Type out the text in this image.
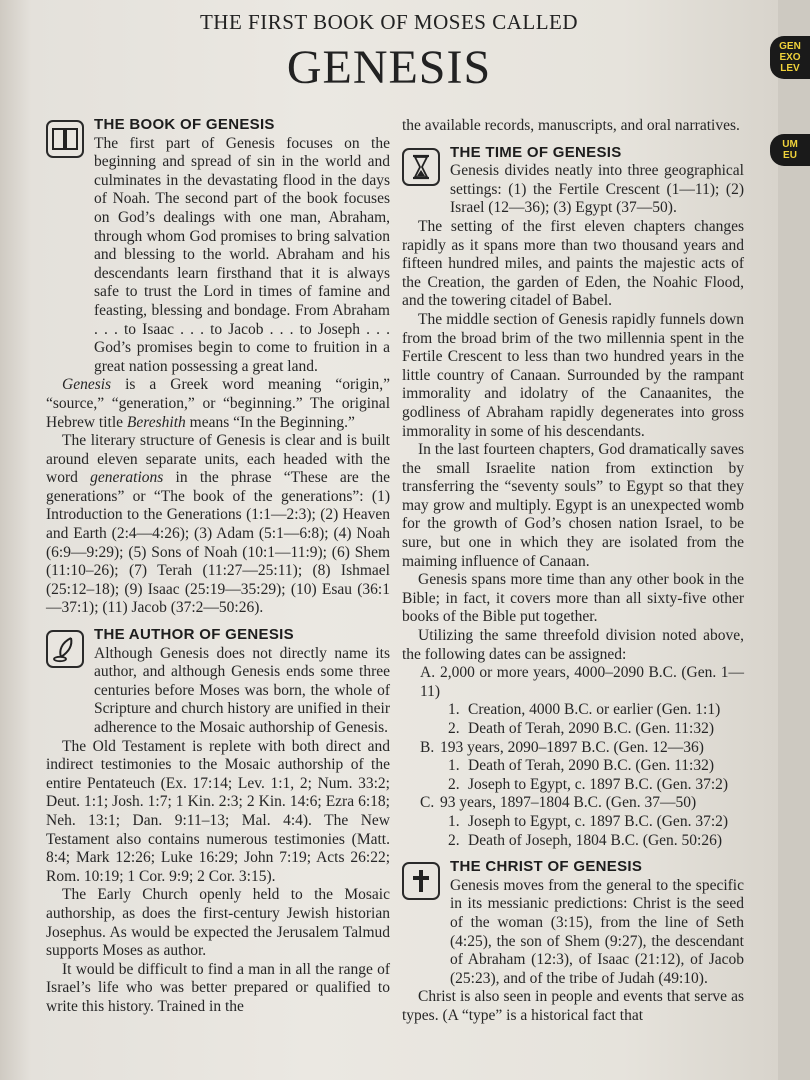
THE FIRST BOOK OF MOSES CALLED
GENESIS
THE BOOK OF GENESIS

The first part of Genesis focuses on the beginning and spread of sin in the world and culminates in the devastating flood in the days of Noah. The second part of the book focuses on God’s dealings with one man, Abraham, through whom God promises to bring salvation and blessing to the world. Abraham and his descendants learn firsthand that it is always safe to trust the Lord in times of famine and feasting, blessing and bondage. From Abraham . . . to Isaac . . . to Jacob . . . to Joseph . . . God’s promises begin to come to fruition in a great nation possessing a great land.

Genesis is a Greek word meaning “origin,” “source,” “generation,” or “beginning.” The original Hebrew title Bereshith means “In the Beginning.”

The literary structure of Genesis is clear and is built around eleven separate units, each headed with the word generations in the phrase “These are the generations” or “The book of the generations”: (1) Introduction to the Generations (1:1—2:3); (2) Heaven and Earth (2:4—4:26); (3) Adam (5:1—6:8); (4) Noah (6:9—9:29); (5) Sons of Noah (10:1—11:9); (6) Shem (11:10–26); (7) Terah (11:27—25:11); (8) Ishmael (25:12–18); (9) Isaac (25:19—35:29); (10) Esau (36:1—37:1); (11) Jacob (37:2—50:26).

THE AUTHOR OF GENESIS

Although Genesis does not directly name its author, and although Genesis ends some three centuries before Moses was born, the whole of Scripture and church history are unified in their adherence to the Mosaic authorship of Genesis.

The Old Testament is replete with both direct and indirect testimonies to the Mosaic authorship of the entire Pentateuch (Ex. 17:14; Lev. 1:1, 2; Num. 33:2; Deut. 1:1; Josh. 1:7; 1 Kin. 2:3; 2 Kin. 14:6; Ezra 6:18; Neh. 13:1; Dan. 9:11–13; Mal. 4:4). The New Testament also contains numerous testimonies (Matt. 8:4; Mark 12:26; Luke 16:29; John 7:19; Acts 26:22; Rom. 10:19; 1 Cor. 9:9; 2 Cor. 3:15).

The Early Church openly held to the Mosaic authorship, as does the first-century Jewish historian Josephus. As would be expected the Jerusalem Talmud supports Moses as author.

It would be difficult to find a man in all the range of Israel’s life who was better prepared or qualified to write this history. Trained in the

the available records, manuscripts, and oral narratives.

THE TIME OF GENESIS

Genesis divides neatly into three geographical settings: (1) the Fertile Crescent (1—11); (2) Israel (12—36); (3) Egypt (37—50).

The setting of the first eleven chapters changes rapidly as it spans more than two thousand years and fifteen hundred miles, and paints the majestic acts of the Creation, the garden of Eden, the Noahic Flood, and the towering citadel of Babel.

The middle section of Genesis rapidly funnels down from the broad brim of the two millennia spent in the Fertile Crescent to less than two hundred years in the little country of Canaan. Surrounded by the rampant immorality and idolatry of the Canaanites, the godliness of Abraham rapidly degenerates into gross immorality in some of his descendants.

In the last fourteen chapters, God dramatically saves the small Israelite nation from extinction by transferring the “seventy souls” to Egypt so that they may grow and multiply. Egypt is an unexpected womb for the growth of God’s chosen nation Israel, to be sure, but one in which they are isolated from the maiming influence of Canaan.

Genesis spans more time than any other book in the Bible; in fact, it covers more than all sixty-five other books of the Bible put together.

Utilizing the same threefold division noted above, the following dates can be assigned:

A. 2,000 or more years, 4000–2090 B.C. (Gen. 1—11)
1. Creation, 4000 B.C. or earlier (Gen. 1:1)
2. Death of Terah, 2090 B.C. (Gen. 11:32)
B. 193 years, 2090–1897 B.C. (Gen. 12—36)
1. Death of Terah, 2090 B.C. (Gen. 11:32)
2. Joseph to Egypt, c. 1897 B.C. (Gen. 37:2)
C. 93 years, 1897–1804 B.C. (Gen. 37—50)
1. Joseph to Egypt, c. 1897 B.C. (Gen. 37:2)
2. Death of Joseph, 1804 B.C. (Gen. 50:26)
THE CHRIST OF GENESIS

Genesis moves from the general to the specific in its messianic predictions: Christ is the seed of the woman (3:15), from the line of Seth (4:25), the son of Shem (9:27), the descendant of Abraham (12:3), of Isaac (21:12), of Jacob (25:23), and of the tribe of Judah (49:10).

Christ is also seen in people and events that serve as types. (A “type” is a historical fact that

GEN
EXO
LEV
UM
EU
